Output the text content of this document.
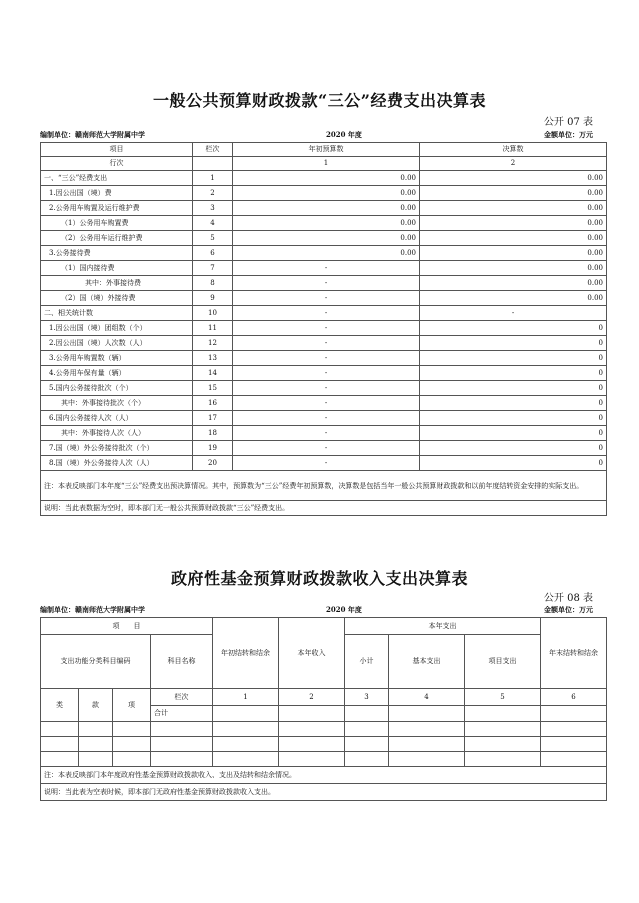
一般公共预算财政拨款“三公”经费支出决算表
公开 07 表
编制单位：赣南师范大学附属中学	2020 年度	金额单位：万元
项目	栏次	年初预算数	决算数
行次		1	2
一、“三公”经费支出	1	0.00	0.00
1.因公出国（境）费	2	0.00	0.00
2.公务用车购置及运行维护费	3	0.00	0.00
（1）公务用车购置费	4	0.00	0.00
（2）公务用车运行维护费	5	0.00	0.00
3.公务接待费	6	0.00	0.00
（1）国内接待费	7	-	0.00
其中：外事接待费	8	-	0.00
（2）国（境）外接待费	9	-	0.00
二、相关统计数	10	-	-
1.因公出国（境）团组数（个）	11	-	0
2.因公出国（境）人次数（人）	12	-	0
3.公务用车购置数（辆）	13	-	0
4.公务用车保有量（辆）	14	-	0
5.国内公务接待批次（个）	15	-	0
其中：外事接待批次（个）	16	-	0
6.国内公务接待人次（人）	17	-	0
其中：外事接待人次（人）	18	-	0
7.国（境）外公务接待批次（个）	19	-	0
8.国（境）外公务接待人次（人）	20	-	0
注：本表反映部门本年度“三公”经费支出预决算情况。其中，预算数为“三公”经费年初预算数，决算数是包括当年一般公共预算财政拨款和以前年度结转资金安排的实际支出。			
说明：当此表数据为空时，即本部门无一般公共预算财政拨款“三公”经费支出。			
政府性基金预算财政拨款收入支出决算表
公开 08 表
编制单位：赣南师范大学附属中学	2020 年度	金额单位：万元
项　　目				年初结转和结余	本年收入	本年支出			年末结转和结余
支出功能分类科目编码			科目名称			小计	基本支出	项目支出	

类	款	项	栏次	1	2	3	4	5	6
			合计						

注：本表反映部门本年度政府性基金预算财政拨款收入、支出及结转和结余情况。									
说明：当此表为空表时候，即本部门无政府性基金预算财政拨款收入支出。									
